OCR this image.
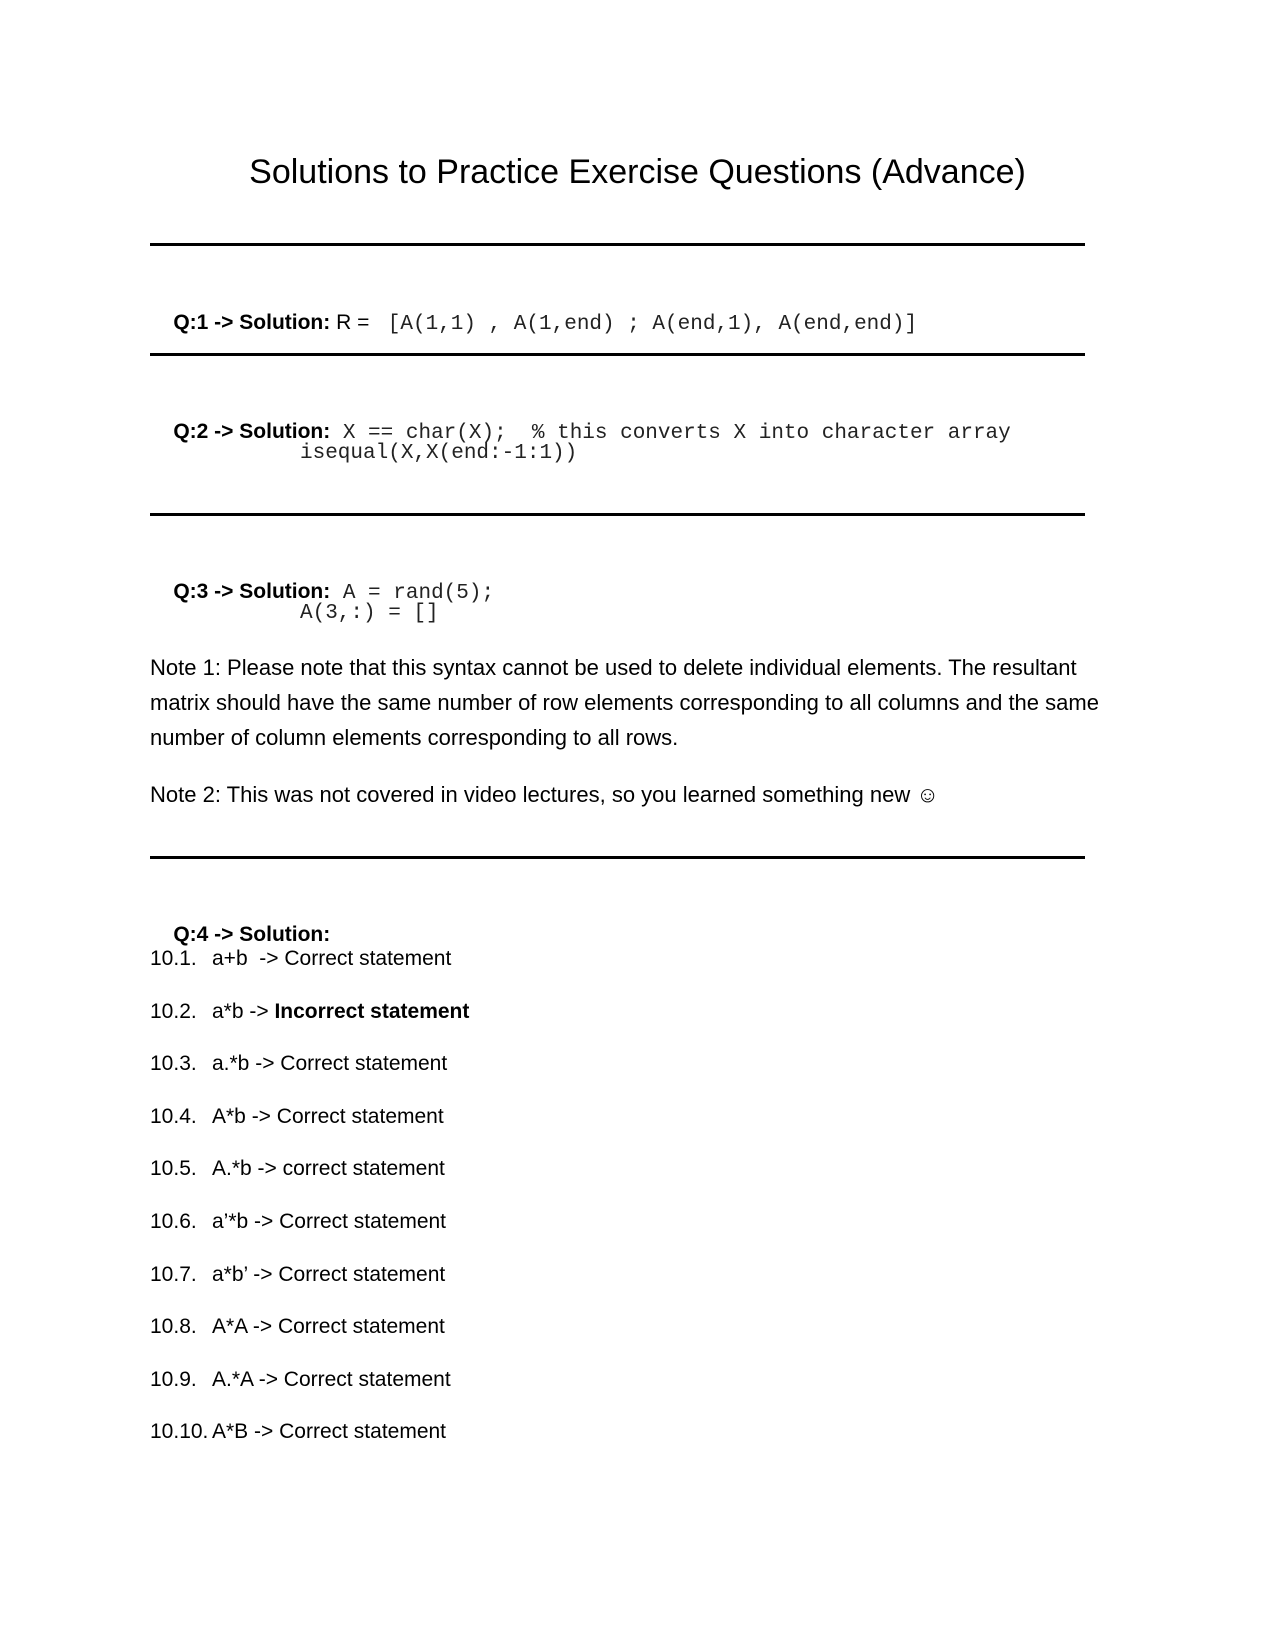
Solutions to Practice Exercise Questions (Advance)

Q:1 -> Solution: R =  [A(1,1) , A(1,end) ; A(end,1), A(end,end)]

Q:2 -> Solution: X == char(X);  % this converts X into character array

isequal(X,X(end:-1:1))

Q:3 -> Solution: A = rand(5);

A(3,:) = []
Note 1: Please note that this syntax cannot be used to delete individual elements. The resultant matrix should have the same number of row elements corresponding to all columns and the same number of column elements corresponding to all rows.
Note 2: This was not covered in video lectures, so you learned something new ☺

Q:4 -> Solution:

10.1. a+b  -> Correct statement
10.2. a*b -> Incorrect statement
10.3. a.*b -> Correct statement
10.4. A*b -> Correct statement
10.5. A.*b -> correct statement
10.6. a’*b -> Correct statement
10.7. a*b’ -> Correct statement
10.8. A*A -> Correct statement
10.9. A.*A -> Correct statement
10.10. A*B -> Correct statement
